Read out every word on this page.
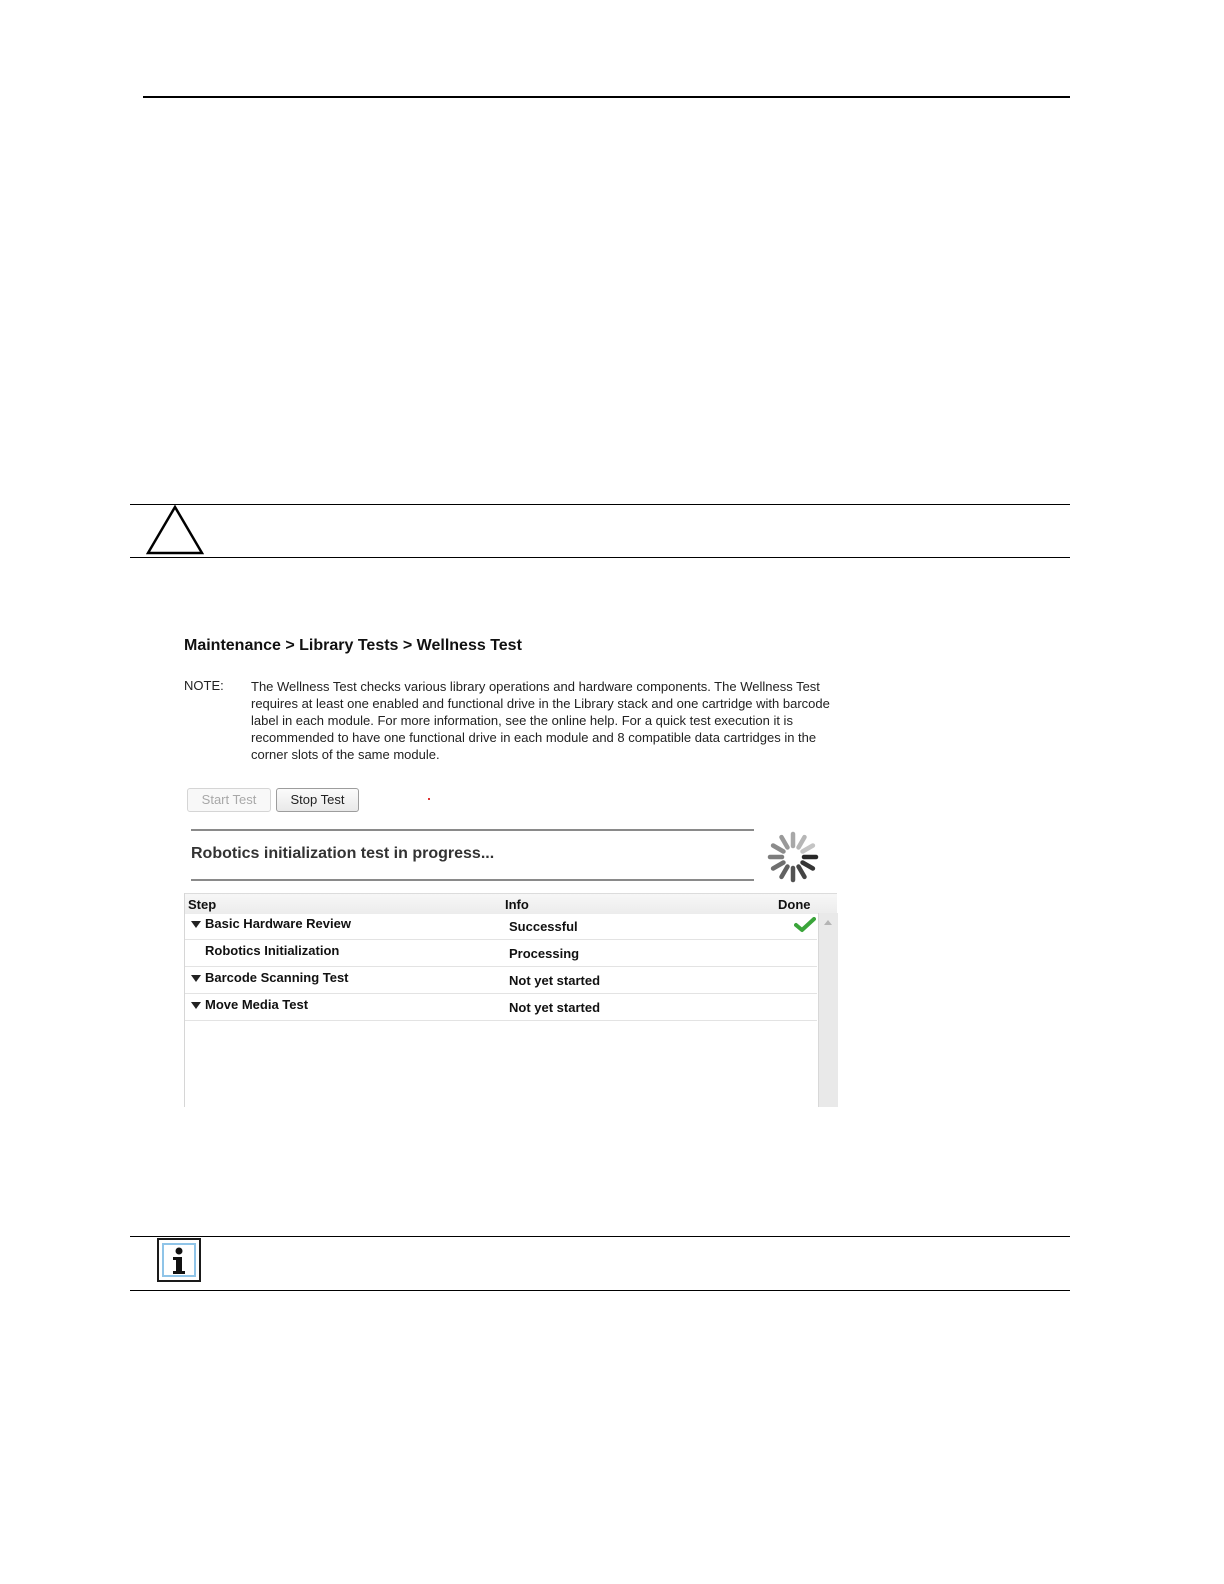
Maintenance > Library Tests > Wellness Test
NOTE: The Wellness Test checks various library operations and hardware components. The Wellness Test requires at least one enabled and functional drive in the Library stack and one cartridge with barcode label in each module. For more information, see the online help. For a quick test execution it is recommended to have one functional drive in each module and 8 compatible data cartridges in the corner slots of the same module.
Start Test	Stop Test
Robotics initialization test in progress...
Step	Info	Done
Basic Hardware Review	Successful
Robotics Initialization	Processing
Barcode Scanning Test	Not yet started
Move Media Test	Not yet started
